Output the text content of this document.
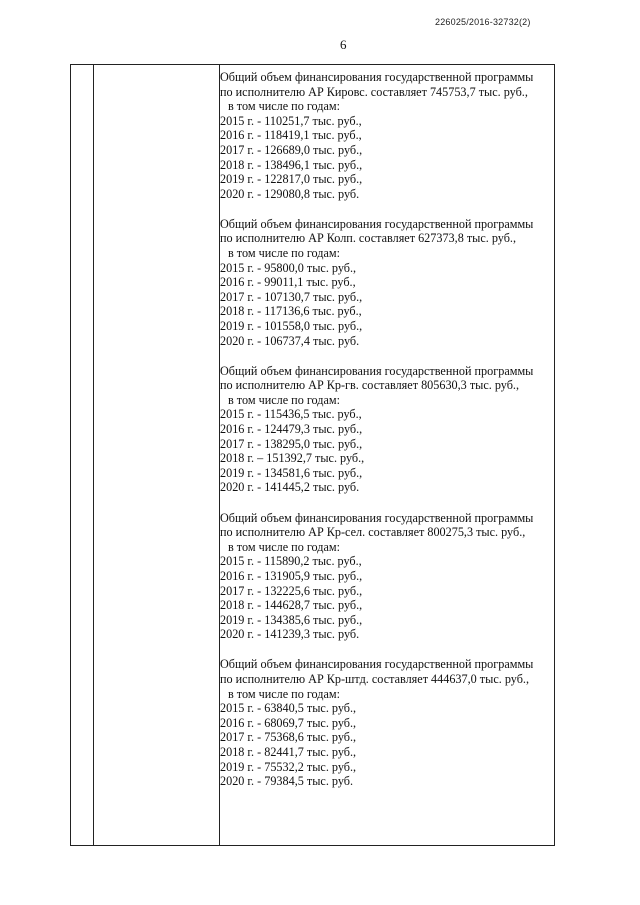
226025/2016-32732(2)
6
Общий объем финансирования государственной программы
по исполнителю АР Кировс. составляет 745753,7 тыс. руб.,
в том числе по годам:
2015 г. - 110251,7 тыс. руб.,
2016 г. - 118419,1 тыс. руб.,
2017 г. - 126689,0 тыс. руб.,
2018 г. - 138496,1 тыс. руб.,
2019 г. - 122817,0 тыс. руб.,
2020 г. - 129080,8 тыс. руб.
Общий объем финансирования государственной программы
по исполнителю АР Колп. составляет 627373,8 тыс. руб.,
в том числе по годам:
2015 г. - 95800,0 тыс. руб.,
2016 г. - 99011,1 тыс. руб.,
2017 г. - 107130,7 тыс. руб.,
2018 г. - 117136,6 тыс. руб.,
2019 г. - 101558,0 тыс. руб.,
2020 г. - 106737,4 тыс. руб.
Общий объем финансирования государственной программы
по исполнителю АР Кр-гв. составляет 805630,3 тыс. руб.,
в том числе по годам:
2015 г. - 115436,5 тыс. руб.,
2016 г. - 124479,3 тыс. руб.,
2017 г. - 138295,0 тыс. руб.,
2018 г. – 151392,7 тыс. руб.,
2019 г. - 134581,6 тыс. руб.,
2020 г. - 141445,2 тыс. руб.
Общий объем финансирования государственной программы
по исполнителю АР Кр-сел. составляет 800275,3 тыс. руб.,
в том числе по годам:
2015 г. - 115890,2 тыс. руб.,
2016 г. - 131905,9 тыс. руб.,
2017 г. - 132225,6 тыс. руб.,
2018 г. - 144628,7 тыс. руб.,
2019 г. - 134385,6 тыс. руб.,
2020 г. - 141239,3 тыс. руб.
Общий объем финансирования государственной программы
по исполнителю АР Кр-штд. составляет 444637,0 тыс. руб.,
в том числе по годам:
2015 г. - 63840,5 тыс. руб.,
2016 г. - 68069,7 тыс. руб.,
2017 г. - 75368,6 тыс. руб.,
2018 г. - 82441,7 тыс. руб.,
2019 г. - 75532,2 тыс. руб.,
2020 г. - 79384,5 тыс. руб.
